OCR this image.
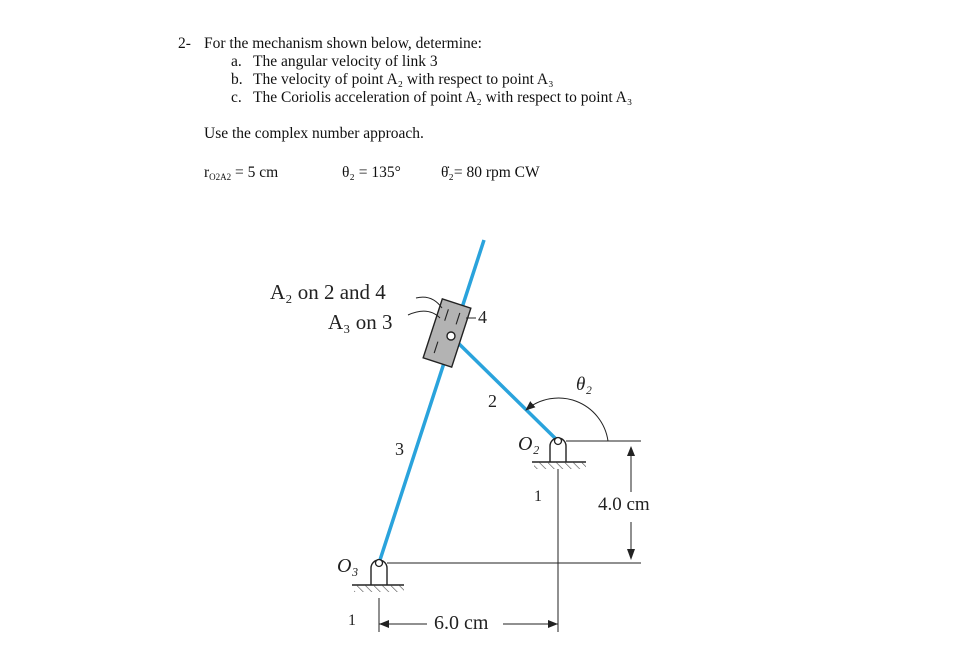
2- For the mechanism shown below, determine:
a. The angular velocity of link 3
b. The velocity of point A₂ with respect to point A₃
c. The Coriolis acceleration of point A₂ with respect to point A₃
Use the complex number approach.
rO2A2 = 5 cm	θ₂ = 135°	θ̇₂= 80 rpm CW
A₂ on 2 and 4
A₃ on 3	4
2
3
θ₂
O₂
1
O₃
1	6.0 cm
4.0 cm
